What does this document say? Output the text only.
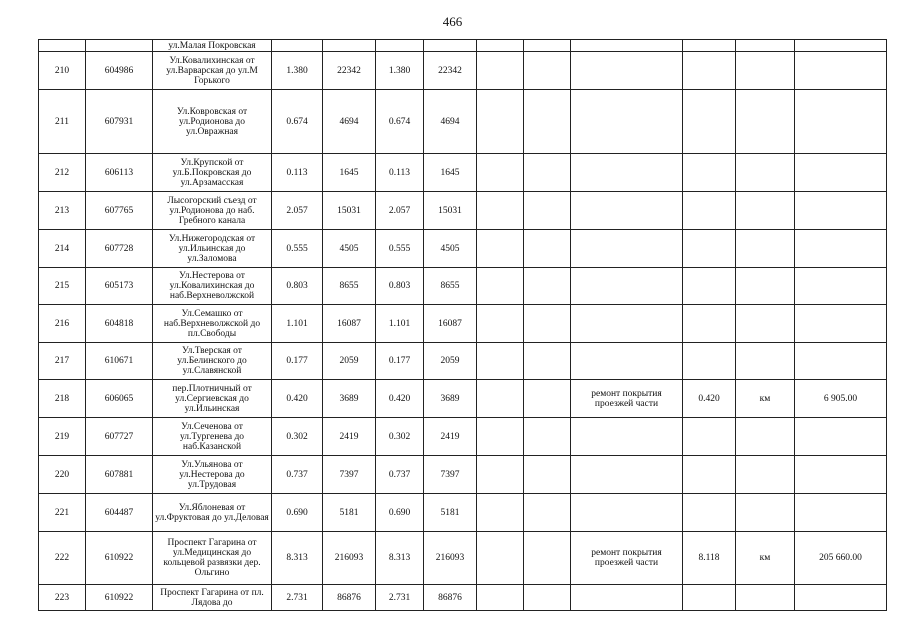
466
		ул.Малая Покровская										
210	604986	Ул.Ковалихинская от ул.Варварская до ул.М Горького	1.380	22342	1.380	22342						
211	607931	Ул.Ковровская от ул.Родионова до ул.Овражная	0.674	4694	0.674	4694						
212	606113	Ул.Крупской от ул.Б.Покровская до ул.Арзамасская	0.113	1645	0.113	1645						
213	607765	Лысогорский съезд от ул.Родионова до наб. Гребного канала	2.057	15031	2.057	15031						
214	607728	Ул.Нижегородская от ул.Ильинская до ул.Заломова	0.555	4505	0.555	4505						
215	605173	Ул.Нестерова от ул.Ковалихинская до наб.Верхневолжской	0.803	8655	0.803	8655						
216	604818	Ул.Семашко от наб.Верхневолжской до пл.Свободы	1.101	16087	1.101	16087						
217	610671	Ул.Тверская от ул.Белинского до ул.Славянской	0.177	2059	0.177	2059						
218	606065	пер.Плотничный от ул.Сергиевская до ул.Ильинская	0.420	3689	0.420	3689			ремонт покрытия проезжей части	0.420	км	6 905.00
219	607727	Ул.Сеченова от ул.Тургенева до наб.Казанской	0.302	2419	0.302	2419						
220	607881	Ул.Ульянова от ул.Нестерова до ул.Трудовая	0.737	7397	0.737	7397						
221	604487	Ул.Яблоневая от ул.Фруктовая до ул.Деловая	0.690	5181	0.690	5181						
222	610922	Проспект Гагарина от ул.Медицинская до кольцевой развязки дер. Ольгино	8.313	216093	8.313	216093			ремонт покрытия проезжей части	8.118	км	205 660.00
223	610922	Проспект Гагарина от пл. Лядова до	2.731	86876	2.731	86876						
